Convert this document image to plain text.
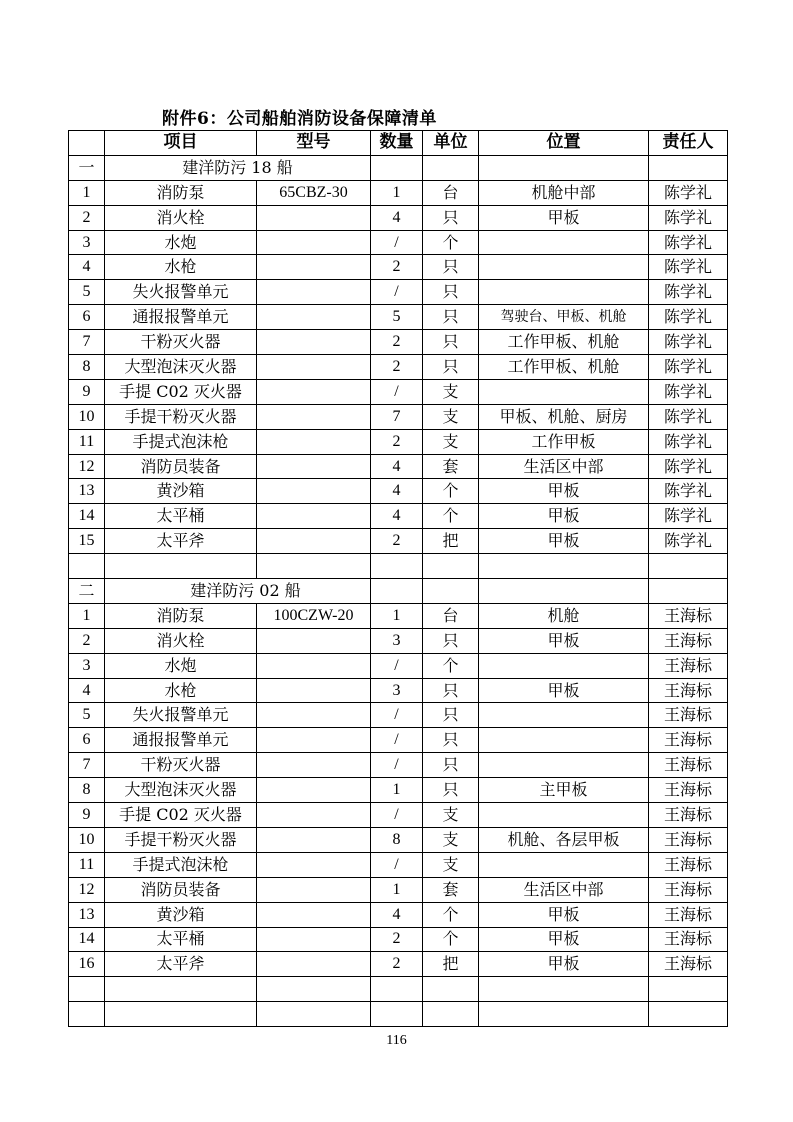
附件6：公司船舶消防设备保障清单
	项目	型号	数量	单位	位置	责任人
一	建洋防污 18 船					
1	消防泵	65CBZ-30	1	台	机舱中部	陈学礼
2	消火栓		4	只	甲板	陈学礼
3	水炮		/	个		陈学礼
4	水枪		2	只		陈学礼
5	失火报警单元		/	只		陈学礼
6	通报报警单元		5	只	驾驶台、甲板、机舱	陈学礼
7	干粉灭火器		2	只	工作甲板、机舱	陈学礼
8	大型泡沫灭火器		2	只	工作甲板、机舱	陈学礼
9	手提 C02 灭火器		/	支		陈学礼
10	手提干粉灭火器		7	支	甲板、机舱、厨房	陈学礼
11	手提式泡沫枪		2	支	工作甲板	陈学礼
12	消防员装备		4	套	生活区中部	陈学礼
13	黄沙箱		4	个	甲板	陈学礼
14	太平桶		4	个	甲板	陈学礼
15	太平斧		2	把	甲板	陈学礼

二	建洋防污 02 船					
1	消防泵	100CZW-20	1	台	机舱	王海标
2	消火栓		3	只	甲板	王海标
3	水炮		/	个		王海标
4	水枪		3	只	甲板	王海标
5	失火报警单元		/	只		王海标
6	通报报警单元		/	只		王海标
7	干粉灭火器		/	只		王海标
8	大型泡沫灭火器		1	只	主甲板	王海标
9	手提 C02 灭火器		/	支		王海标
10	手提干粉灭火器		8	支	机舱、各层甲板	王海标
11	手提式泡沫枪		/	支		王海标
12	消防员装备		1	套	生活区中部	王海标
13	黄沙箱		4	个	甲板	王海标
14	太平桶		2	个	甲板	王海标
16	太平斧		2	把	甲板	王海标

116
